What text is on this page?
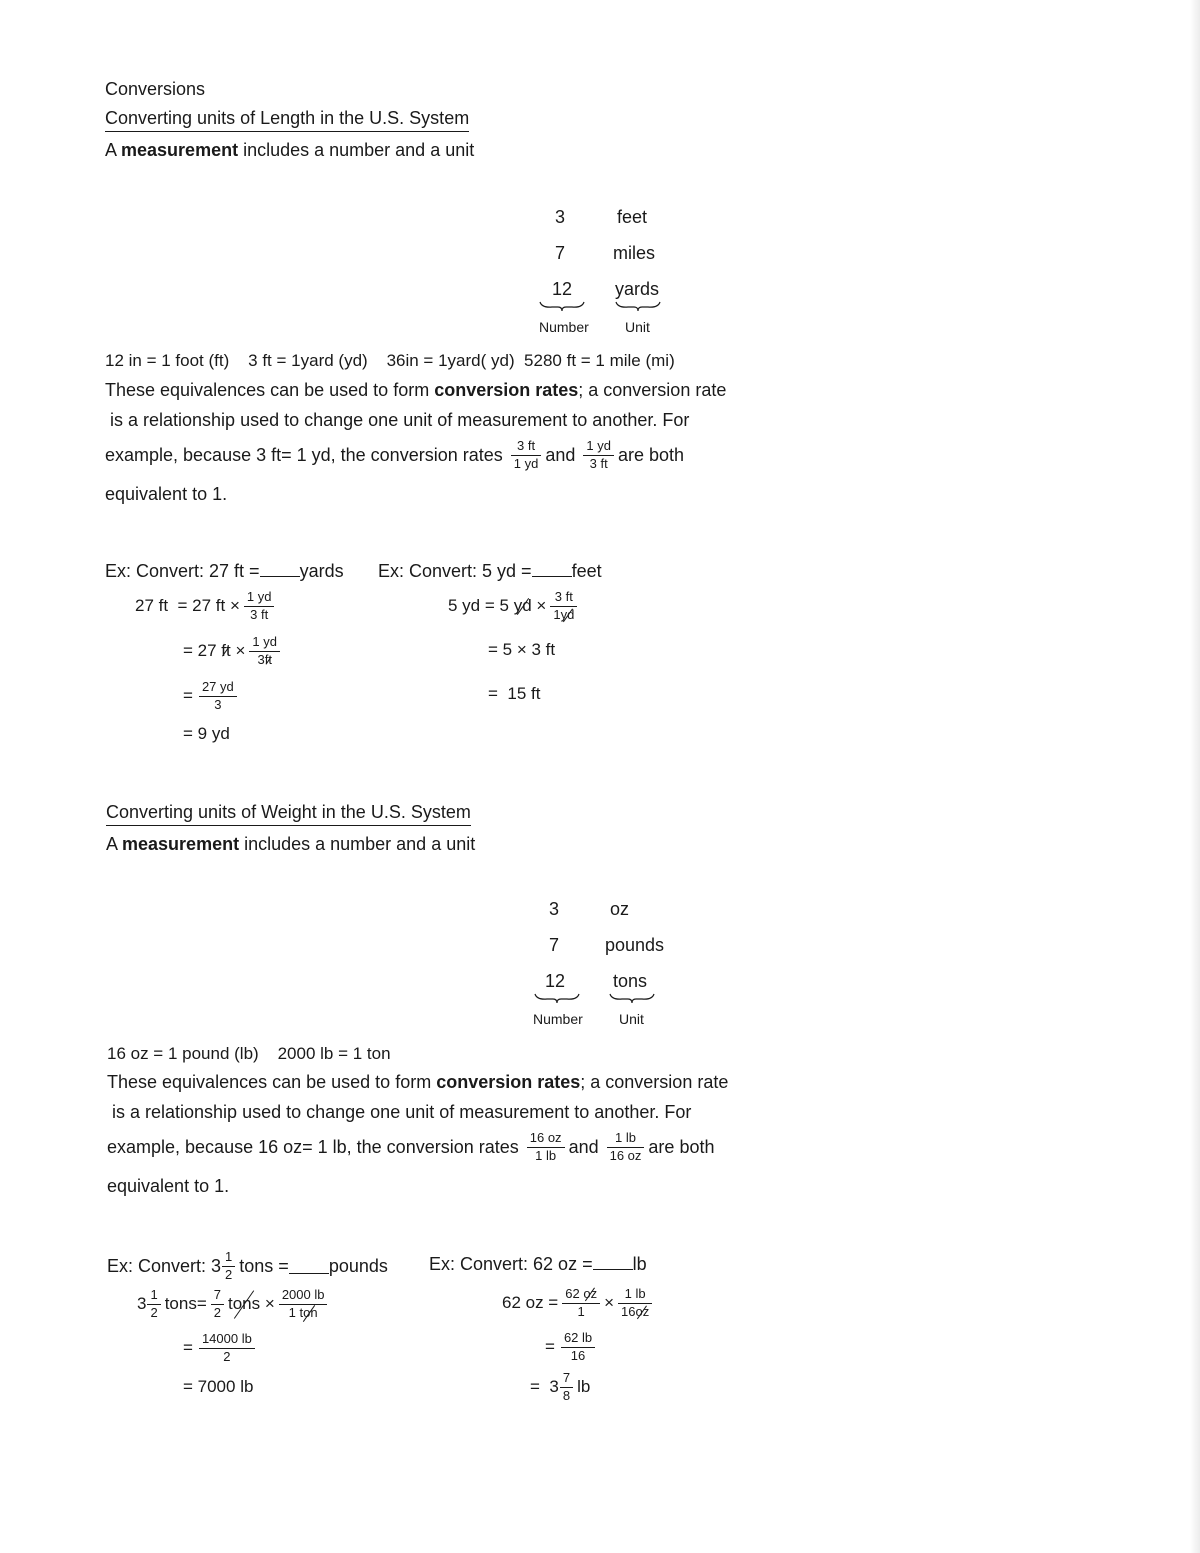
Conversions
Converting units of Length in the U.S. System
A measurement includes a number and a unit
3	feet
7	miles
12 yards
Number	Unit
12 in = 1 foot (ft)    3 ft = 1yard (yd)    36in = 1yard( yd)  5280 ft = 1 mile (mi)
These equivalences can be used to form conversion rates; a conversion rate
is a relationship used to change one unit of measurement to another. For
example, because 3 ft= 1 yd, the conversion rates $\frac{3 ft}{1 yd}$ and $\frac{1 yd}{3 ft}$ are both
equivalent to 1.
Ex: Convert: 27 ft = yards
27 ft  = 27 ft × $\frac{1 yd}{3 ft}$
= 27
ft
× $\frac{1 yd}{3ft}$
= $\frac{27 yd}{3}$
= 9 yd
Ex: Convert: 5 yd = feet
5 yd = 5
yd
× $\frac{3 ft}{1yd}$
= 5 × 3 ft
=  15 ft
Converting units of Weight in the U.S. System
A measurement includes a number and a unit
3	oz
7	pounds
12	tons
Number	Unit
16 oz = 1 pound (lb)    2000 lb = 1 ton
These equivalences can be used to form conversion rates; a conversion rate
is a relationship used to change one unit of measurement to another. For
example, because 16 oz= 1 lb, the conversion rates $\frac{16 oz}{1 lb}$ and $\frac{1 lb}{16 oz}$ are both
equivalent to 1.
Ex: Convert: $3 \frac{1}{2}$ tons = pounds
$3 \frac{1}{2}$ tons= $\frac{7}{2}$ tons
× $\frac{2000 lb}{\text{1 ton}}$
= $\frac{14000 lb}{2}$
= 7000 lb
Ex: Convert: 62 oz = lb
62 oz = $\frac{62 oz}{1} \times \frac{1 lb}{16oz}$
= $\frac{62 lb}{16}$
=  $3 \frac{7}{8}$ lb
